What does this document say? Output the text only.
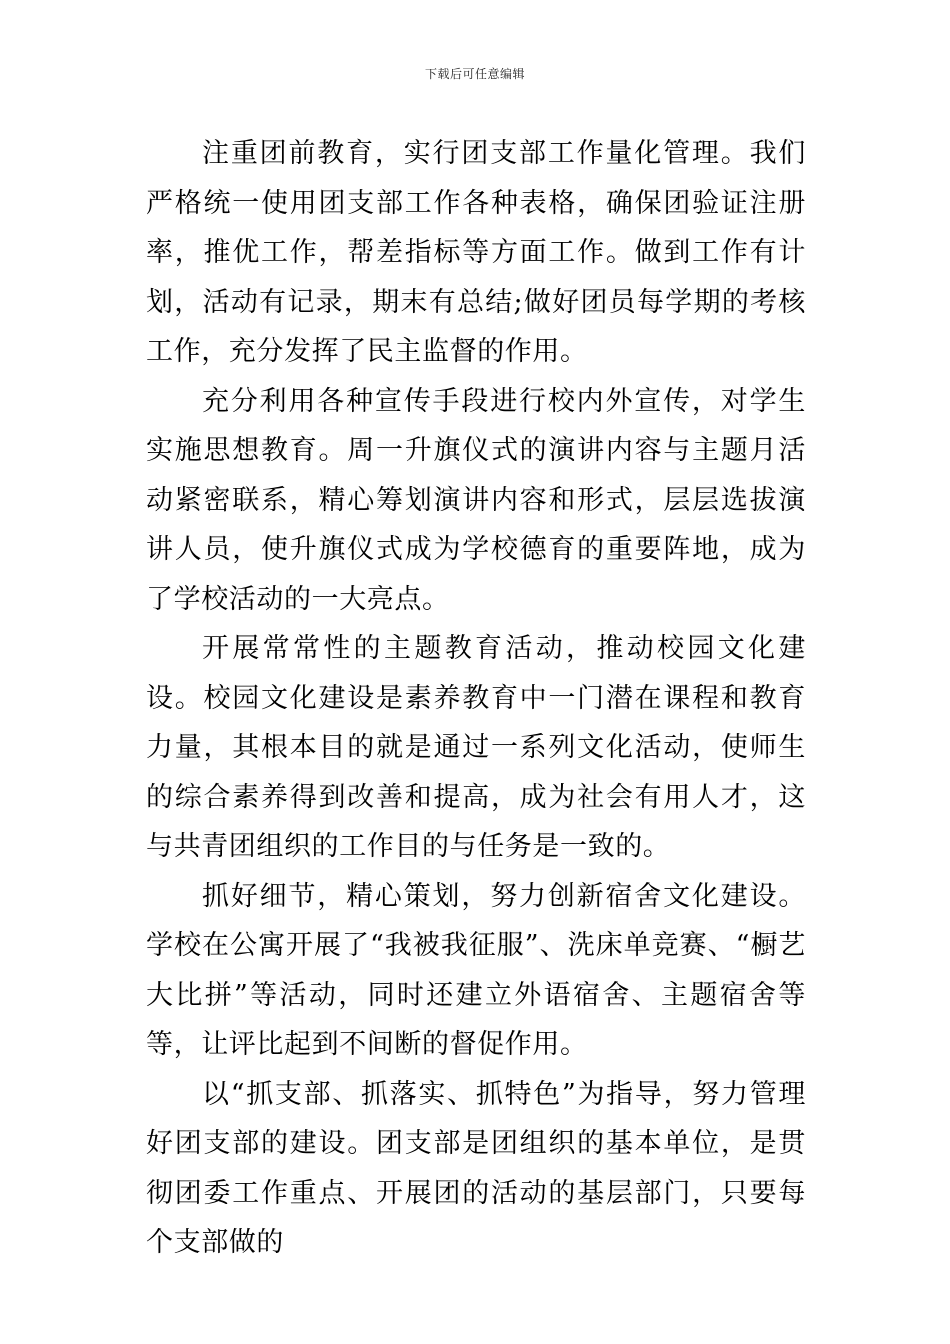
下载后可任意编辑

注重团前教育，实行团支部工作量化管理。我们严格统一使用团支部工作各种表格，确保团验证注册率，推优工作，帮差指标等方面工作。做到工作有计划，活动有记录，期末有总结;做好团员每学期的考核工作，充分发挥了民主监督的作用。

充分利用各种宣传手段进行校内外宣传，对学生实施思想教育。周一升旗仪式的演讲内容与主题月活动紧密联系，精心筹划演讲内容和形式，层层选拔演讲人员，使升旗仪式成为学校德育的重要阵地，成为了学校活动的一大亮点。

开展常常性的主题教育活动，推动校园文化建设。校园文化建设是素养教育中一门潜在课程和教育力量，其根本目的就是通过一系列文化活动，使师生的综合素养得到改善和提高，成为社会有用人才，这与共青团组织的工作目的与任务是一致的。

抓好细节，精心策划，努力创新宿舍文化建设。学校在公寓开展了“我被我征服”、洗床单竞赛、“橱艺大比拼”等活动，同时还建立外语宿舍、主题宿舍等等，让评比起到不间断的督促作用。

以“抓支部、抓落实、抓特色”为指导，努力管理好团支部的建设。团支部是团组织的基本单位，是贯彻团委工作重点、开展团的活动的基层部门，只要每个支部做的
